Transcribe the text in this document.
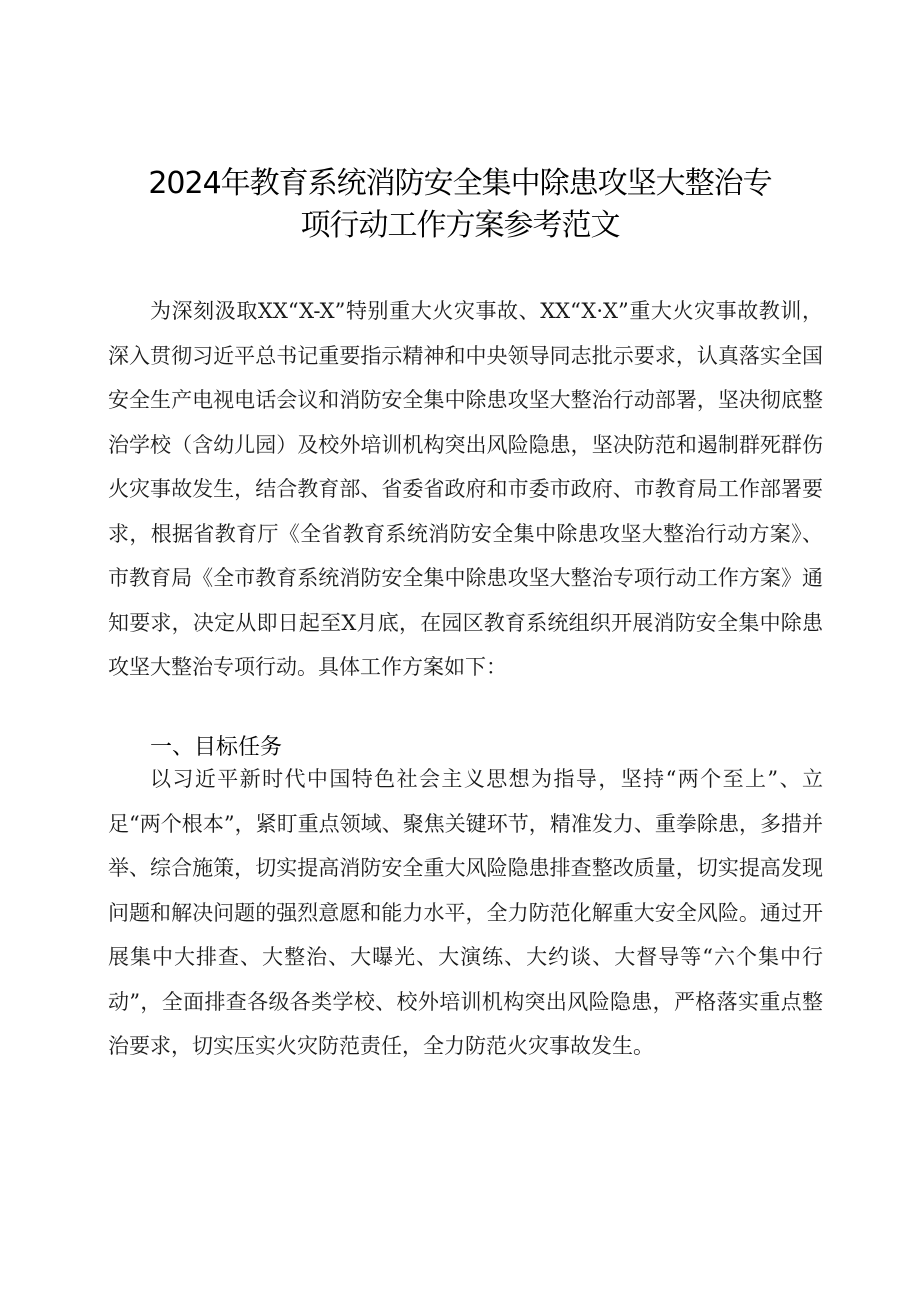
2024年教育系统消防安全集中除患攻坚大整治专
项行动工作方案参考范文

为深刻汲取XX“X-X”特别重大火灾事故、XX“X·X”重大火灾事故教训，深入贯彻习近平总书记重要指示精神和中央领导同志批示要求，认真落实全国安全生产电视电话会议和消防安全集中除患攻坚大整治行动部署，坚决彻底整治学校（含幼儿园）及校外培训机构突出风险隐患，坚决防范和遏制群死群伤火灾事故发生，结合教育部、省委省政府和市委市政府、市教育局工作部署要求，根据省教育厅《全省教育系统消防安全集中除患攻坚大整治行动方案》、市教育局《全市教育系统消防安全集中除患攻坚大整治专项行动工作方案》通知要求，决定从即日起至X月底，在园区教育系统组织开展消防安全集中除患攻坚大整治专项行动。具体工作方案如下：

一、目标任务

以习近平新时代中国特色社会主义思想为指导，坚持“两个至上”、立足“两个根本”，紧盯重点领域、聚焦关键环节，精准发力、重拳除患，多措并举、综合施策，切实提高消防安全重大风险隐患排查整改质量，切实提高发现问题和解决问题的强烈意愿和能力水平，全力防范化解重大安全风险。通过开展集中大排查、大整治、大曝光、大演练、大约谈、大督导等“六个集中行动”，全面排查各级各类学校、校外培训机构突出风险隐患，严格落实重点整治要求，切实压实火灾防范责任，全力防范火灾事故发生。
